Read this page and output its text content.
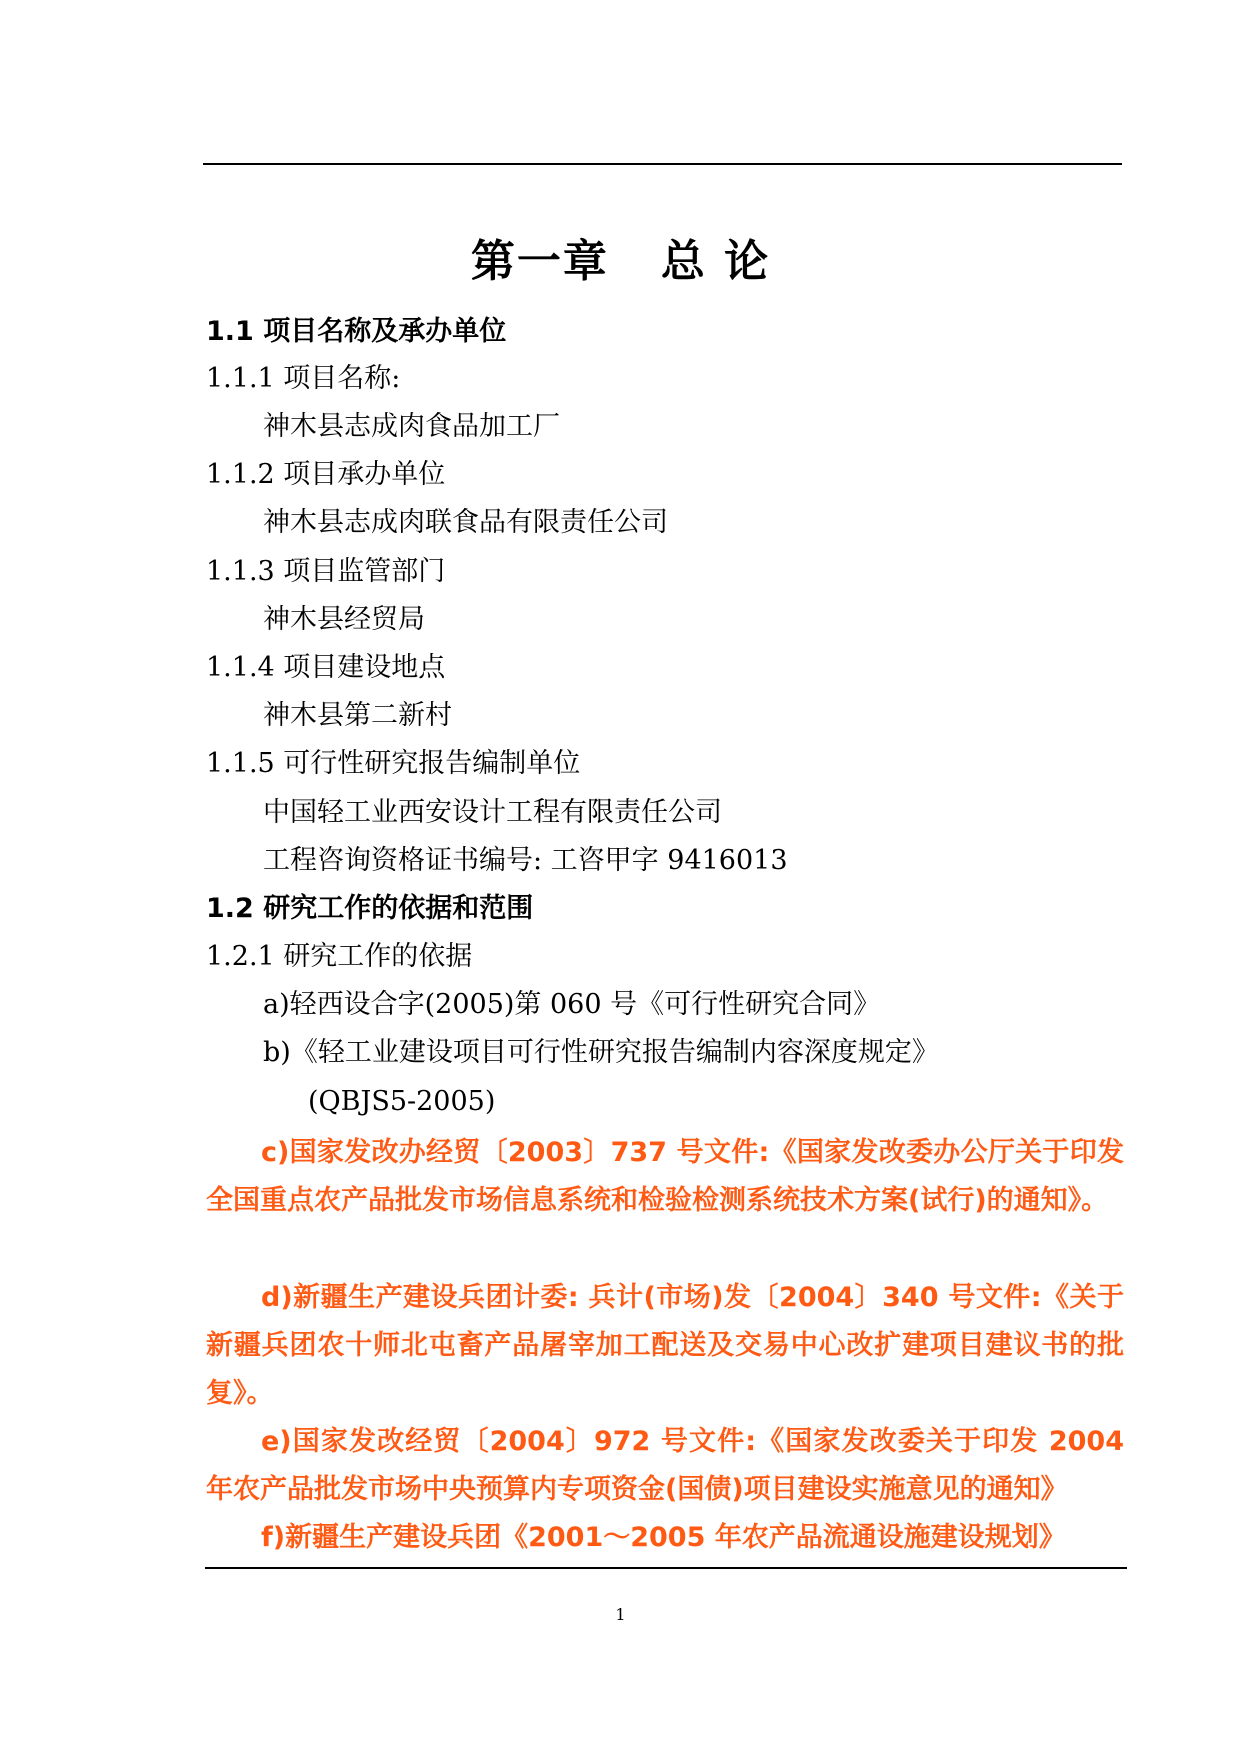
第一章   总 论
1.1 项目名称及承办单位
1.1.1 项目名称:
神木县志成肉食品加工厂
1.1.2 项目承办单位
神木县志成肉联食品有限责任公司
1.1.3 项目监管部门
神木县经贸局
1.1.4 项目建设地点
神木县第二新村
1.1.5 可行性研究报告编制单位
中国轻工业西安设计工程有限责任公司
工程咨询资格证书编号: 工咨甲字 9416013
1.2 研究工作的依据和范围
1.2.1 研究工作的依据
a)轻西设合字(2005)第 060 号《可行性研究合同》
b)《轻工业建设项目可行性研究报告编制内容深度规定》
(QBJS5-2005)
c)国家发改办经贸〔2003〕737 号文件:《国家发改委办公厅关于印发全国重点农产品批发市场信息系统和检验检测系统技术方案(试行)的通知》。
d)新疆生产建设兵团计委: 兵计(市场)发〔2004〕340 号文件:《关于新疆兵团农十师北屯畜产品屠宰加工配送及交易中心改扩建项目建议书的批复》。
e)国家发改经贸〔2004〕972 号文件:《国家发改委关于印发 2004 年农产品批发市场中央预算内专项资金(国债)项目建设实施意见的通知》
f)新疆生产建设兵团《2001～2005 年农产品流通设施建设规划》
1
